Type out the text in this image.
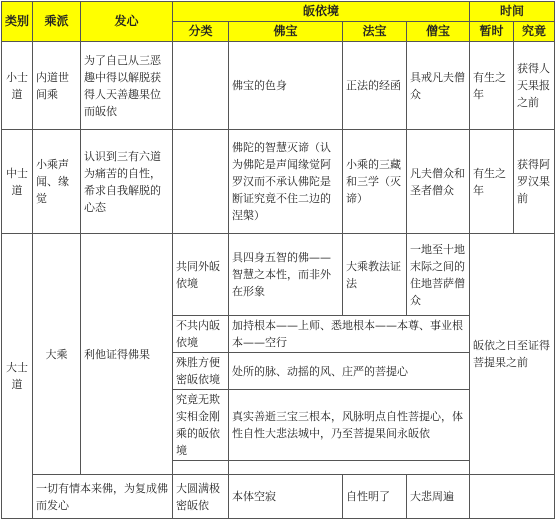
类别	乘派	发心	皈依境				时间	
			分类	佛宝	法宝	僧宝	暂时	究竟
小士道	内道世间乘	为了自己从三恶趣中得以解脱获得人天善趣果位而皈依		佛宝的色身	正法的经函	具戒凡夫僧众	有生之年	获得人天果报之前
中士道	小乘声闻、缘觉	认识到三有六道为痛苦的自性，希求自我解脱的心态		佛陀的智慧灭谛（认为佛陀是声闻缘觉阿罗汉而不承认佛陀是断证究竟不住二边的涅槃）	小乘的三藏和三学（灭谛）	凡夫僧众和圣者僧众	有生之年	获得阿罗汉果前
大士道	大乘	利他证得佛果	共同外皈依境	具四身五智的佛——智慧之本性，而非外在形象	大乘教法证法	一地至十地末际之间的住地菩萨僧众	皈依之日至证得菩提果之前	
			不共内皈依境	加持根本——上师、悉地根本——本尊、事业根本——空行				
			殊胜方便密皈依境	处所的脉、动摇的风、庄严的菩提心				
			究竟无欺实相金刚乘的皈依境	真实善逝三宝三根本，风脉明点自性菩提心，体性自性大悲法城中，乃至菩提果间永皈依				

	一切有情本来佛，为复成佛而发心		大圆满极密皈依	本体空寂	自性明了	大悲周遍		
